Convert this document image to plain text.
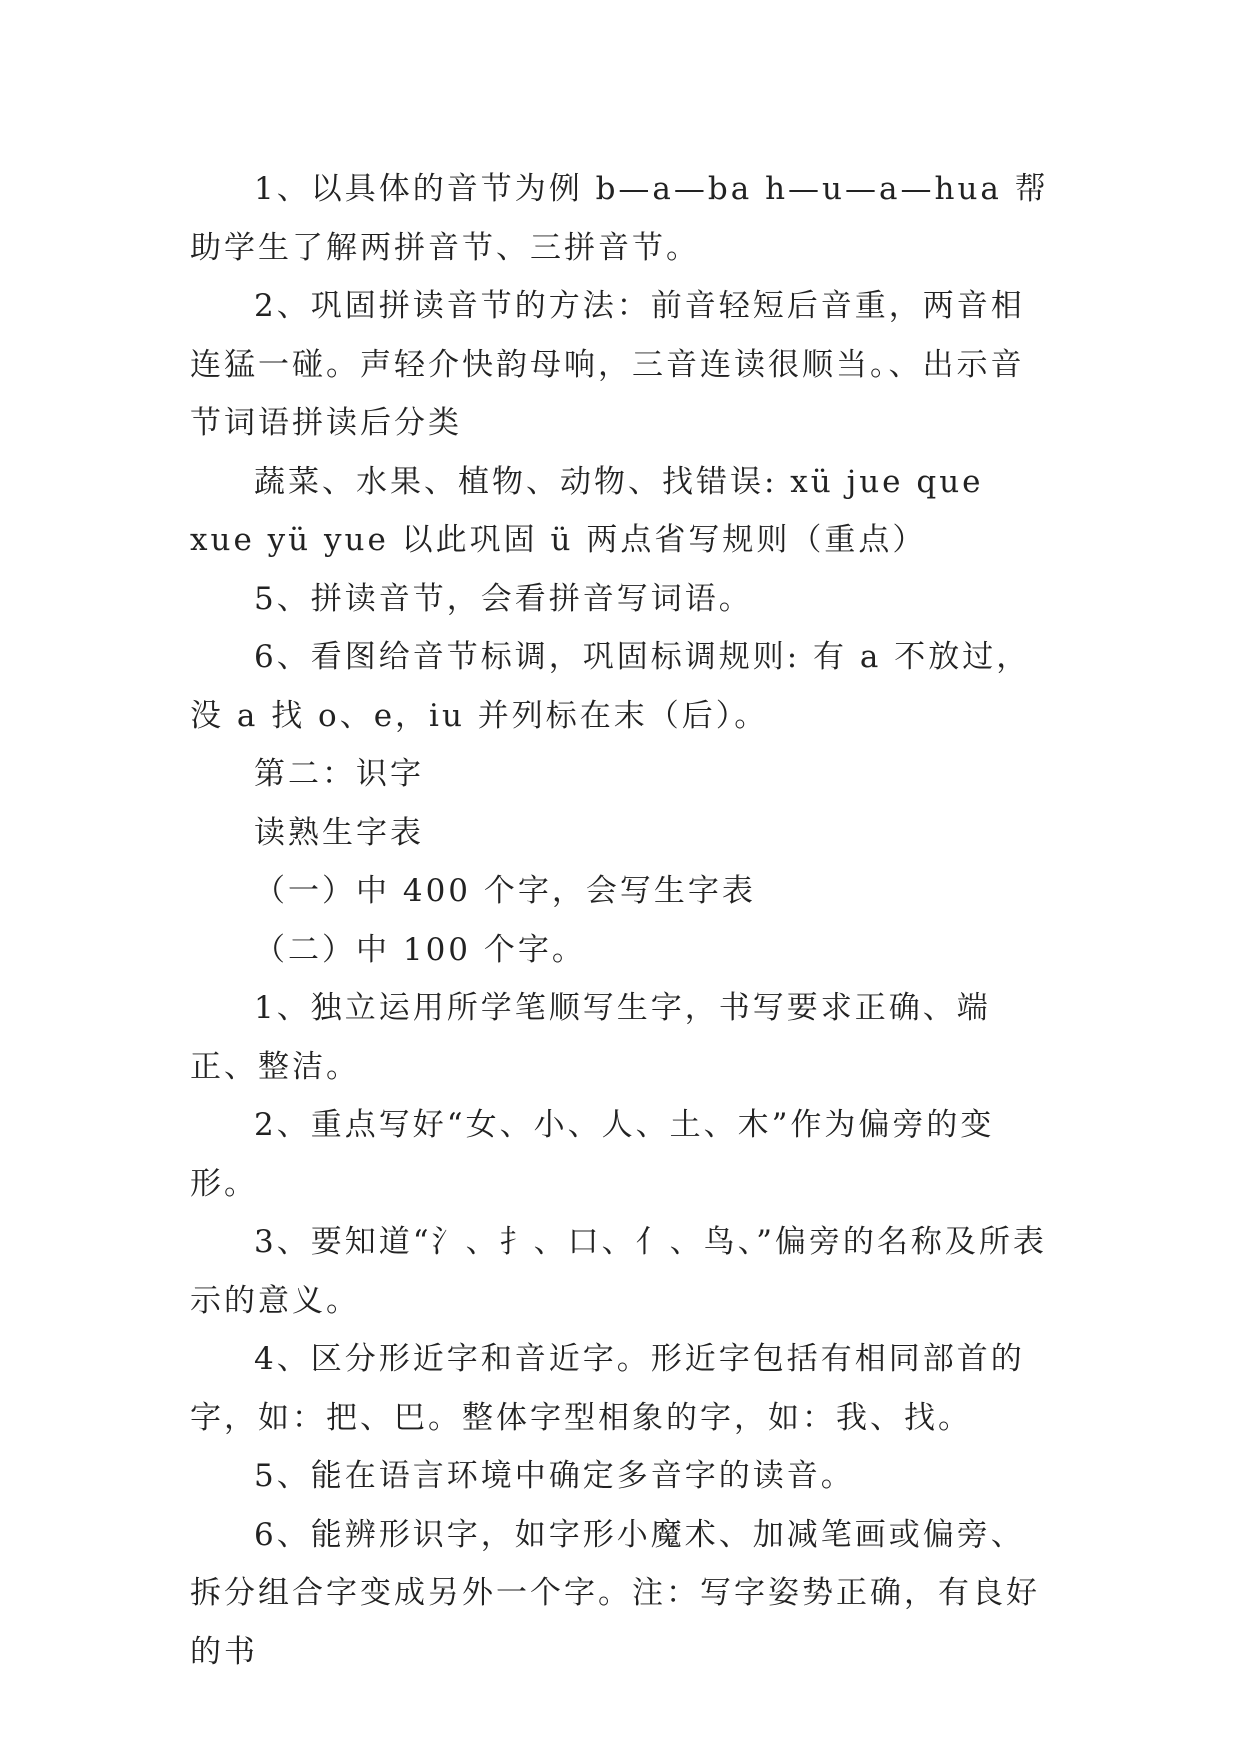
1、以具体的音节为例 b—a—ba h—u—a—hua 帮助学生了解两拼音节、三拼音节。

2、巩固拼读音节的方法：前音轻短后音重，两音相连猛一碰。声轻介快韵母响，三音连读很顺当。、出示音节词语拼读后分类

蔬菜、水果、植物、动物、找错误: xü jue que xue yü yue 以此巩固 ü 两点省写规则（重点）

5、拼读音节，会看拼音写词语。

6、看图给音节标调，巩固标调规则: 有 a 不放过，没 a 找 o、e，iu 并列标在末（后）。

第二：识字

读熟生字表

（一）中 400 个字，会写生字表

（二）中 100 个字。

1、独立运用所学笔顺写生字，书写要求正确、端正、整洁。

2、重点写好“女、小、人、土、木”作为偏旁的变形。

3、要知道“氵、扌、口、亻、鸟、”偏旁的名称及所表示的意义。

4、区分形近字和音近字。形近字包括有相同部首的字，如：把、巴。整体字型相象的字，如：我、找。

5、能在语言环境中确定多音字的读音。

6、能辨形识字，如字形小魔术、加减笔画或偏旁、拆分组合字变成另外一个字。注：写字姿势正确，有良好的书
